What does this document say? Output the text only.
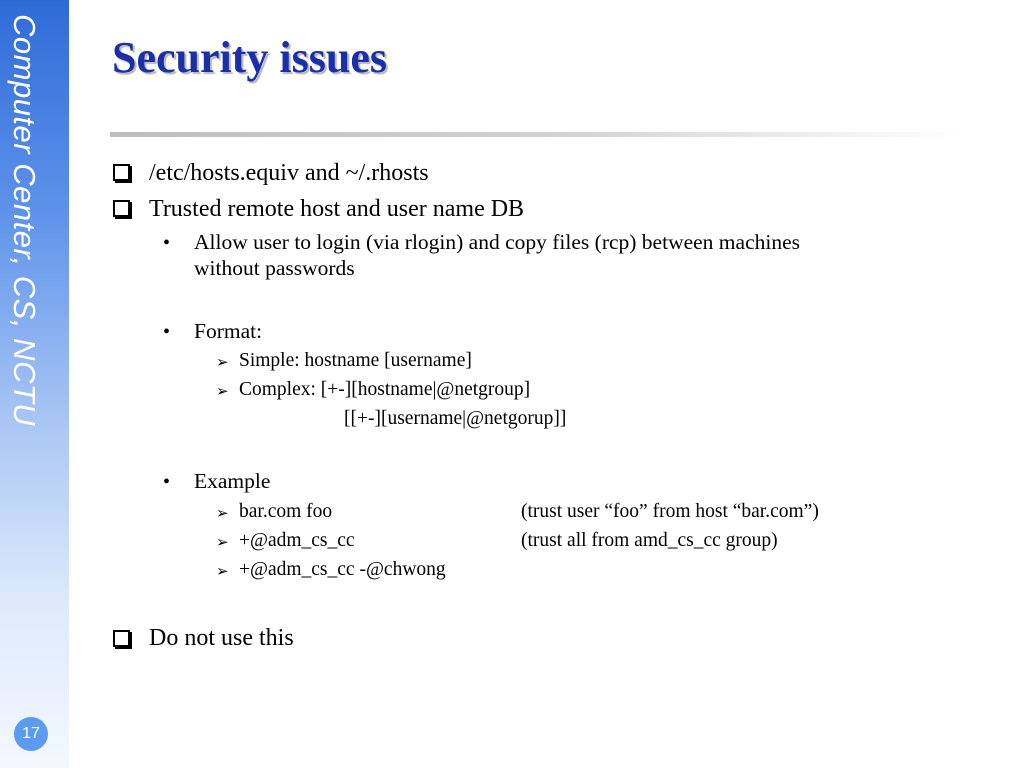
Computer Center, CS, NCTU
17
Security issues
/etc/hosts.equiv and ~/.rhosts
Trusted remote host and user name DB
• Allow user to login (via rlogin) and copy files (rcp) between machines
without passwords
• Format:
➢ Simple: hostname [username]
➢ Complex: [+-][hostname|@netgroup]
[[+-][username|@netgorup]]
• Example
➢ bar.com foo	(trust user “foo” from host “bar.com”)
➢ +@adm_cs_cc	(trust all from amd_cs_cc group)
➢ +@adm_cs_cc -@chwong
Do not use this
